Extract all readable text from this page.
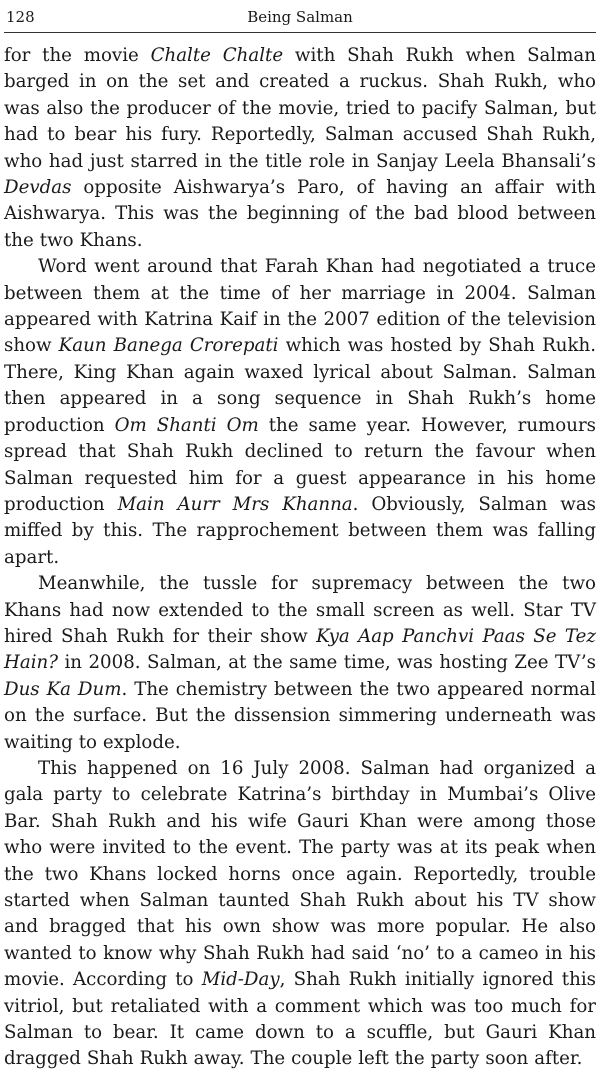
128	Being Salman

for the movie Chalte Chalte with Shah Rukh when Salman barged in on the set and created a ruckus. Shah Rukh, who was also the producer of the movie, tried to pacify Salman, but had to bear his fury. Reportedly, Salman accused Shah Rukh, who had just starred in the title role in Sanjay Leela Bhansali’s Devdas opposite Aishwarya’s Paro, of having an affair with Aishwarya. This was the beginning of the bad blood between the two Khans.

Word went around that Farah Khan had negotiated a truce between them at the time of her marriage in 2004. Salman appeared with Katrina Kaif in the 2007 edition of the television show Kaun Banega Crorepati which was hosted by Shah Rukh. There, King Khan again waxed lyrical about Salman. Salman then appeared in a song sequence in Shah Rukh’s home production Om Shanti Om the same year. However, rumours spread that Shah Rukh declined to return the favour when Salman requested him for a guest appearance in his home production Main Aurr Mrs Khanna. Obviously, Salman was miffed by this. The rapprochement between them was falling apart.

Meanwhile, the tussle for supremacy between the two Khans had now extended to the small screen as well. Star TV hired Shah Rukh for their show Kya Aap Panchvi Paas Se Tez Hain? in 2008. Salman, at the same time, was hosting Zee TV’s Dus Ka Dum. The chemistry between the two appeared normal on the surface. But the dissension simmering underneath was waiting to explode.

This happened on 16 July 2008. Salman had organized a gala party to celebrate Katrina’s birthday in Mumbai’s Olive Bar. Shah Rukh and his wife Gauri Khan were among those who were invited to the event. The party was at its peak when the two Khans locked horns once again. Reportedly, trouble started when Salman taunted Shah Rukh about his TV show and bragged that his own show was more popular. He also wanted to know why Shah Rukh had said ‘no’ to a cameo in his movie. According to Mid-Day, Shah Rukh initially ignored this vitriol, but retaliated with a comment which was too much for Salman to bear. It came down to a scuffle, but Gauri Khan dragged Shah Rukh away. The couple left the party soon after.
